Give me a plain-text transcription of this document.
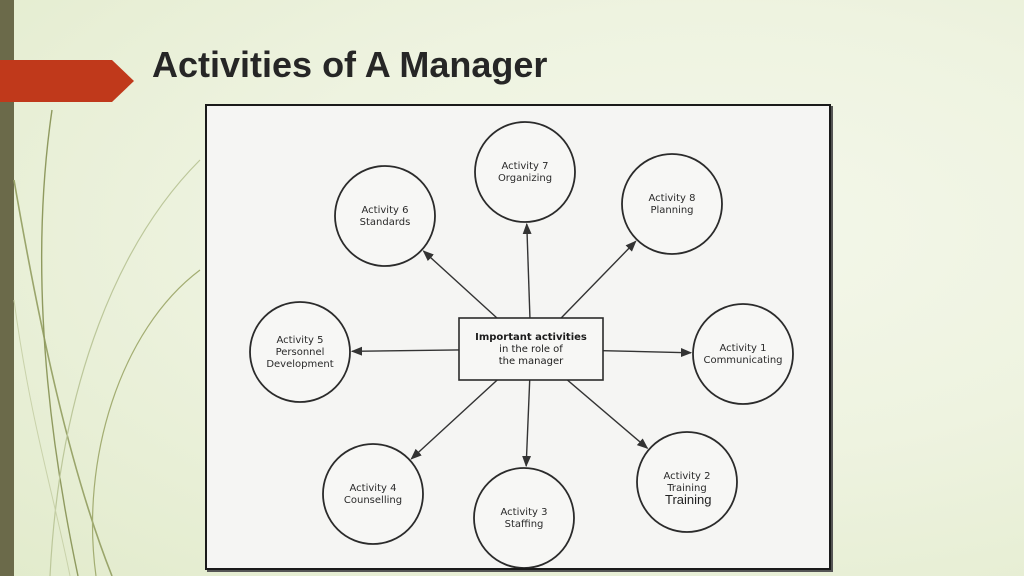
Activities of A Manager
Activity 7
Organizing
Activity 8
Planning
Activity 1
Communicating
Activity 2
Training
Activity 3
Staffing
Activity 4
Counselling
Activity 5
Personnel
Development
Activity 6
Standards
Important activities
in the role of
the manager
Training
